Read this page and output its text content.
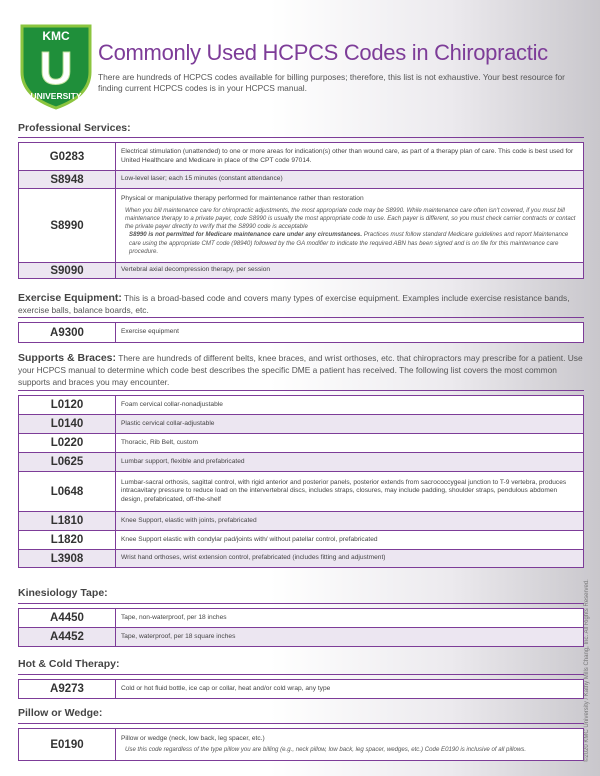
KMC
U
UNIVERSITY
Commonly Used HCPCS Codes in Chiropractic

There are hundreds of HCPCS codes available for billing purposes; therefore, this list is not exhaustive. Your best resource for finding current HCPCS codes is in your HCPCS manual.

Professional Services:
G0283	Electrical stimulation (unattended) to one or more areas for indication(s) other than wound care, as part of a therapy plan of care. This code is best used for United Healthcare and Medicare in place of the CPT code 97014.
S8948	Low-level laser; each 15 minutes (constant attendance)
S8990	Physical or manipulative therapy performed for maintenance rather than restoration
When you bill maintenance care for chiropractic adjustments, the most appropriate code may be S8990. While maintenance care often isn't covered, if you must bill maintenance therapy to a private payer, code S8990 is usually the most appropriate code to use. Each payer is different, so you must check carrier contracts or contact the private payer directly to verify that the S8990 code is acceptable
S8990 is not permitted for Medicare maintenance care under any circumstances. Practices must follow standard Medicare guidelines and report Maintenance care using the appropriate CMT code (98940) followed by the GA modifier to indicate the required ABN has been signed and is on file for this maintenance care procedure.

S9090	Vertebral axial decompression therapy, per session
Exercise Equipment: This is a broad-based code and covers many types of exercise equipment. Examples include exercise resistance bands, exercise balls, balance boards, etc.
A9300	Exercise equipment
Supports & Braces: There are hundreds of different belts, knee braces, and wrist orthoses, etc. that chiropractors may prescribe for a patient. Use your HCPCS manual to determine which code best describes the specific DME a patient has received. The following list covers the most common supports and braces you may encounter.
L0120	Foam cervical collar-nonadjustable
L0140	Plastic cervical collar-adjustable
L0220	Thoracic, Rib Belt, custom
L0625	Lumbar support, flexible and prefabricated
L0648	Lumbar-sacral orthosis, sagittal control, with rigid anterior and posterior panels, posterior extends from sacrococcygeal junction to T-9 vertebra, produces intracavitary pressure to reduce load on the intervertebral discs, includes straps, closures, may include padding, shoulder straps, pendulous abdomen design, prefabricated, off-the-shelf
L1810	Knee Support, elastic with joints, prefabricated
L1820	Knee Support elastic with condylar pad/joints with/ without patellar control, prefabricated
L3908	Wrist hand orthoses, wrist extension control, prefabricated (includes fitting and adjustment)
Kinesiology Tape:
A4450	Tape, non-waterproof, per 18 inches
A4452	Tape, waterproof, per 18 square inches
Hot & Cold Therapy:
A9273	Cold or hot fluid bottle, ice cap or collar, heat and/or cold wrap, any type
Pillow or Wedge:
E0190	Pillow or wedge (neck, low back, leg spacer, etc.)
Use this code regardless of the type pillow you are billing (e.g., neck pillow, low back, leg spacer, wedges, etc.) Code E0190 is inclusive of all pillows.	©2020 KMC University / Kathy Mills Chang, Inc. All Rights Reserved.
